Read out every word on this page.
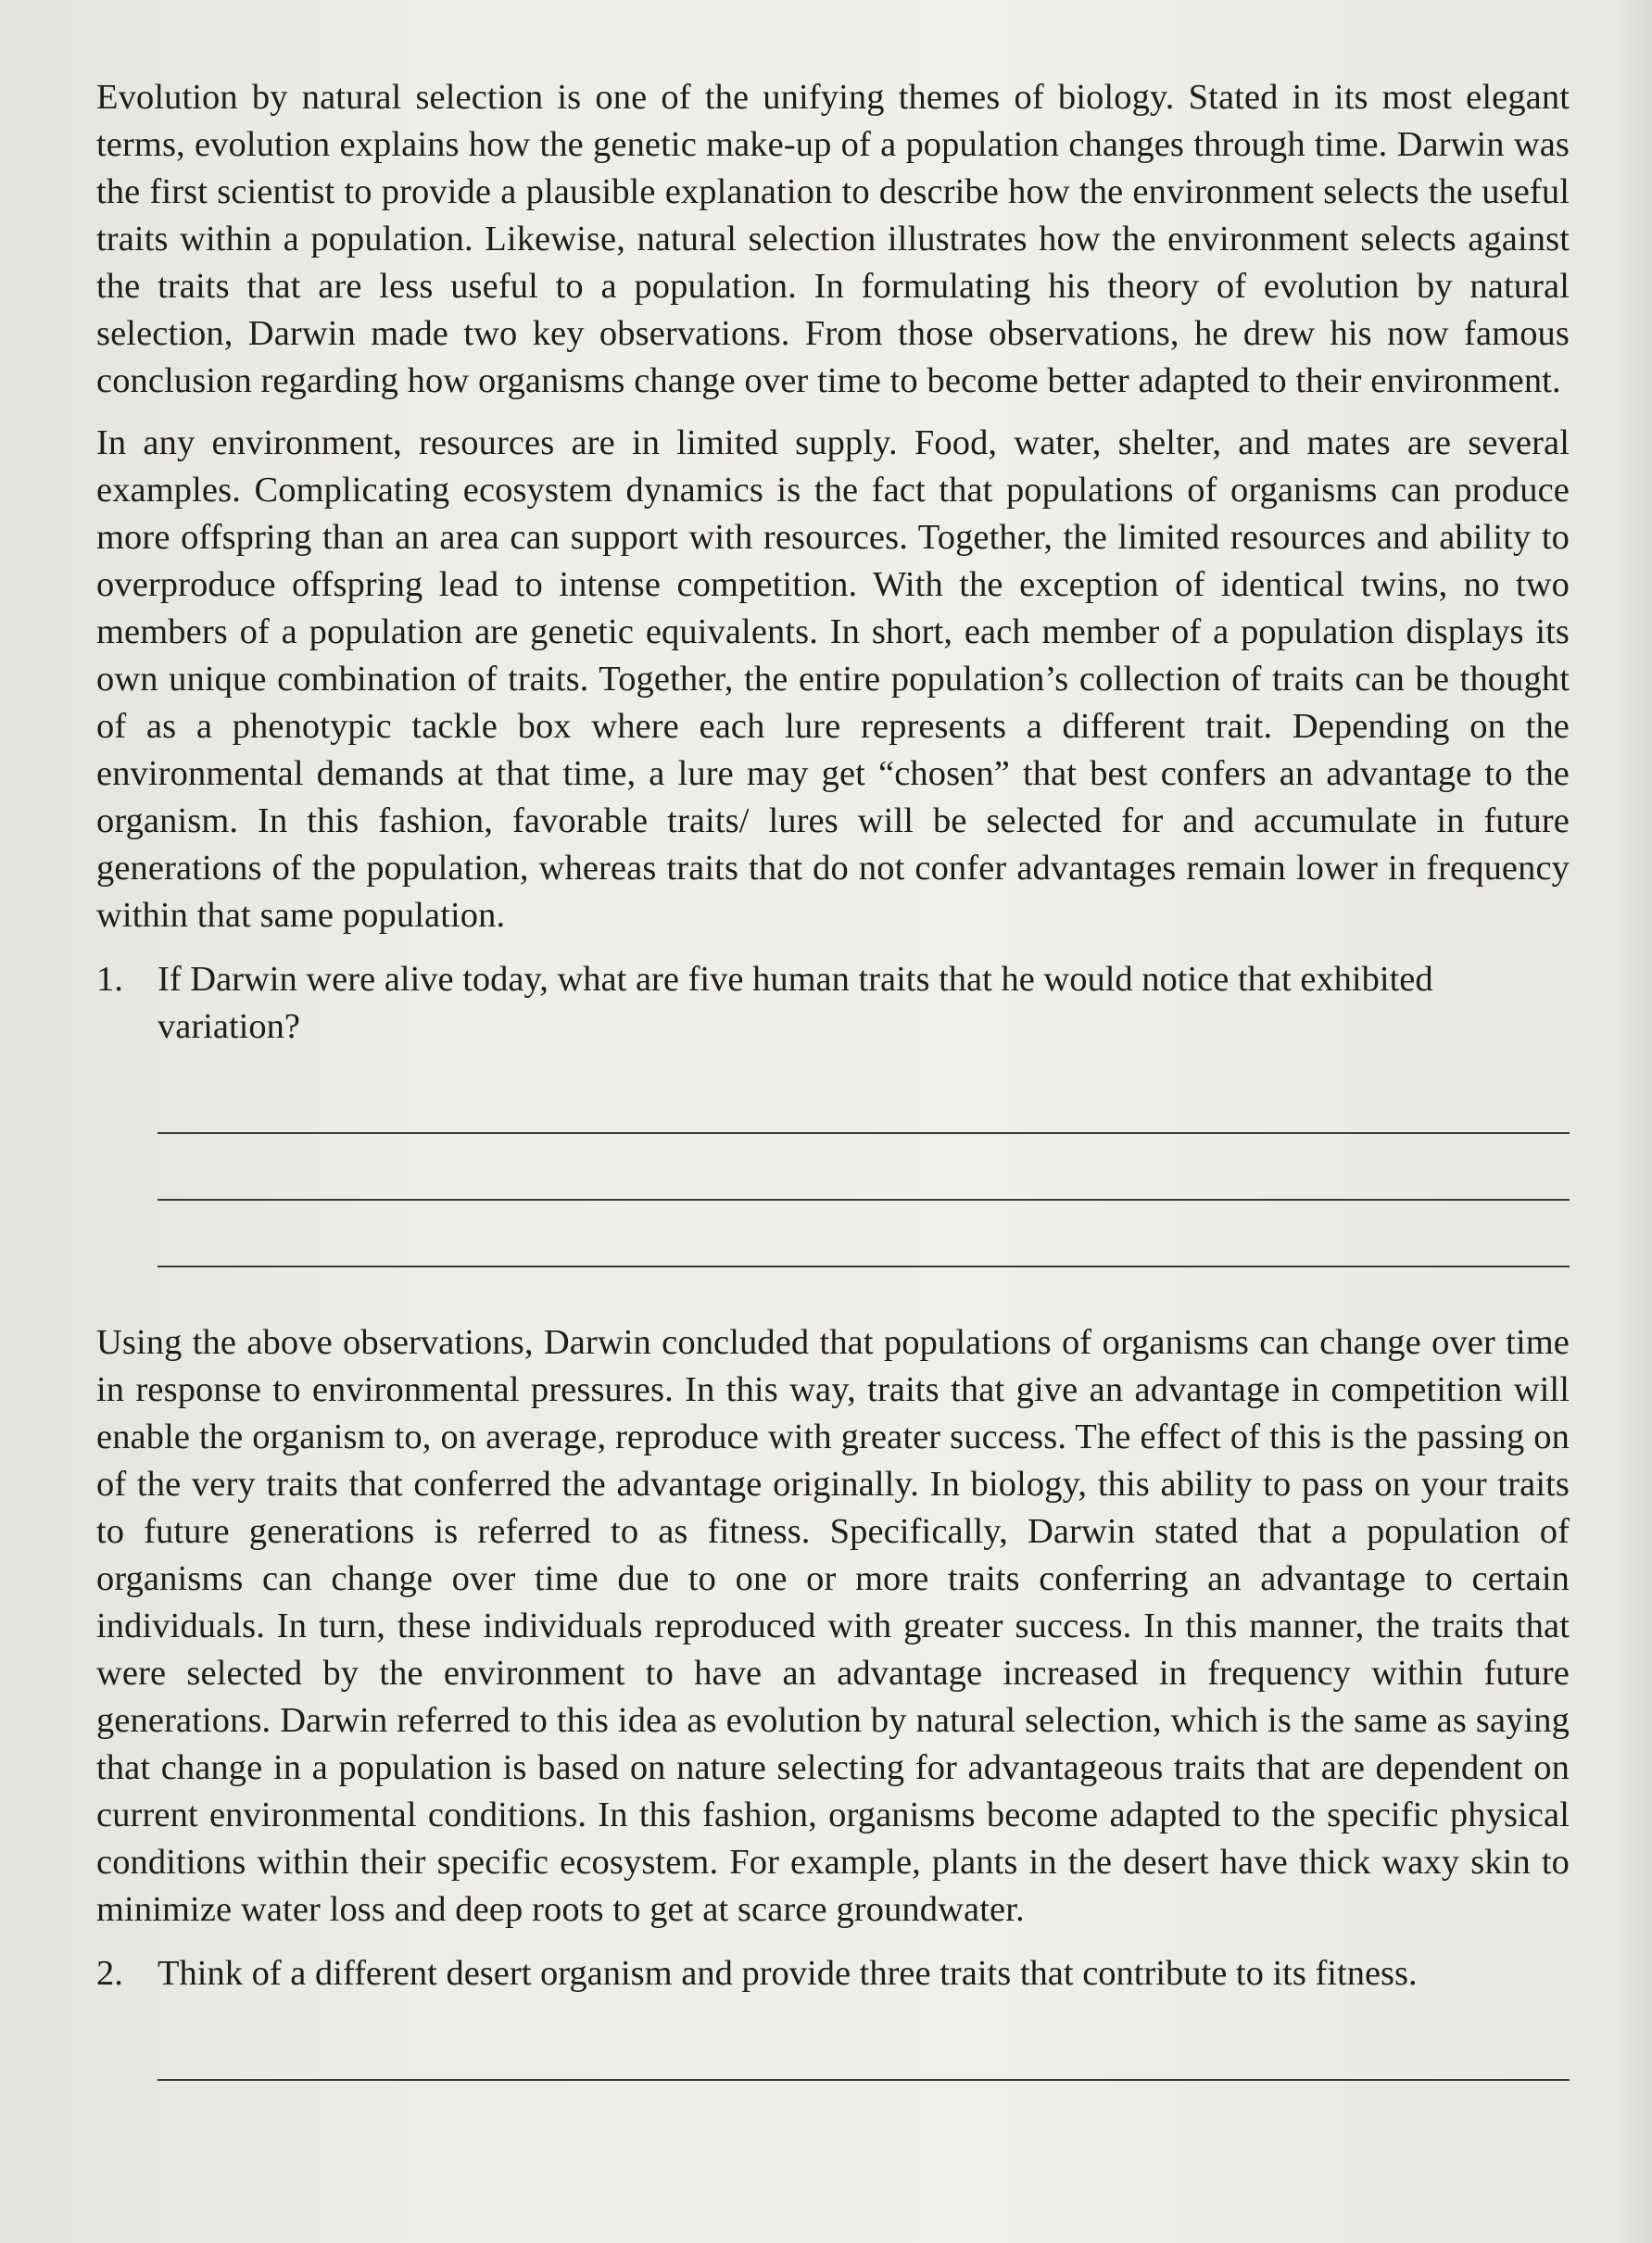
Evolution by natural selection is one of the unifying themes of biology. Stated in its most elegant terms, evolution explains how the genetic make-up of a population changes through time. Darwin was the first scientist to provide a plausible explanation to describe how the environment selects the useful traits within a population. Likewise, natural selection illustrates how the environment selects against the traits that are less useful to a population. In formulating his theory of evolution by natural selection, Darwin made two key observations. From those observations, he drew his now famous conclusion regarding how organisms change over time to become better adapted to their environment.

In any environment, resources are in limited supply. Food, water, shelter, and mates are several examples. Complicating ecosystem dynamics is the fact that populations of organisms can produce more offspring than an area can support with resources. Together, the limited resources and ability to overproduce offspring lead to intense competition. With the exception of identical twins, no two members of a population are genetic equivalents. In short, each member of a population displays its own unique combination of traits. Together, the entire population’s collection of traits can be thought of as a phenotypic tackle box where each lure represents a different trait. Depending on the environmental demands at that time, a lure may get “chosen” that best confers an advantage to the organism. In this fashion, favorable traits/ lures will be selected for and accumulate in future generations of the population, whereas traits that do not confer advantages remain lower in frequency within that same population.

1. If Darwin were alive today, what are five human traits that he would notice that exhibited variation?

Using the above observations, Darwin concluded that populations of organisms can change over time in response to environmental pressures. In this way, traits that give an advantage in competition will enable the organism to, on average, reproduce with greater success. The effect of this is the passing on of the very traits that conferred the advantage originally. In biology, this ability to pass on your traits to future generations is referred to as fitness. Specifically, Darwin stated that a population of organisms can change over time due to one or more traits conferring an advantage to certain individuals. In turn, these individuals reproduced with greater success. In this manner, the traits that were selected by the environment to have an advantage increased in frequency within future generations. Darwin referred to this idea as evolution by natural selection, which is the same as saying that change in a population is based on nature selecting for advantageous traits that are dependent on current environmental conditions. In this fashion, organisms become adapted to the specific physical conditions within their specific ecosystem. For example, plants in the desert have thick waxy skin to minimize water loss and deep roots to get at scarce groundwater.

2. Think of a different desert organism and provide three traits that contribute to its fitness.
